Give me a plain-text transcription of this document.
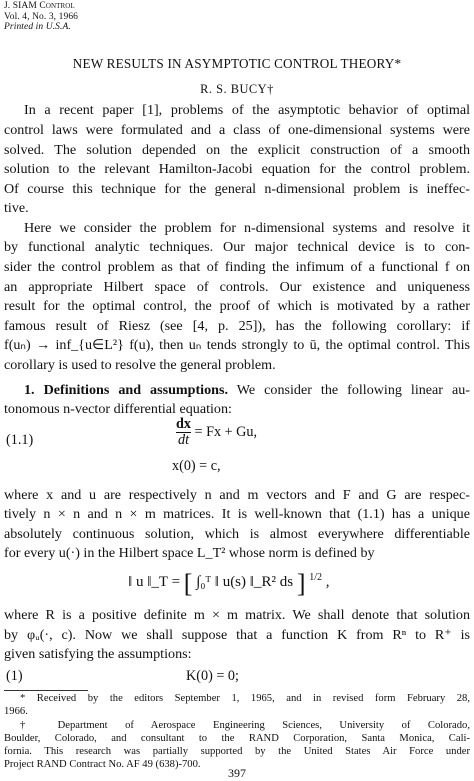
J. SIAM Control
Vol. 4, No. 3, 1966
Printed in U.S.A.
NEW RESULTS IN ASYMPTOTIC CONTROL THEORY*
R. S. BUCY†
In a recent paper [1], problems of the asymptotic behavior of optimal
control laws were formulated and a class of one-dimensional systems were
solved. The solution depended on the explicit construction of a smooth
solution to the relevant Hamilton-Jacobi equation for the control problem.
Of course this technique for the general n-dimensional problem is ineffec-
tive.
Here we consider the problem for n-dimensional systems and resolve it
by functional analytic techniques. Our major technical device is to con-
sider the control problem as that of finding the infimum of a functional f on
an appropriate Hilbert space of controls. Our existence and uniqueness
result for the optimal control, the proof of which is motivated by a rather
famous result of Riesz (see [4, p. 25]), has the following corollary: if
f(uₙ) → inf_{u∈L²} f(u), then uₙ tends strongly to ū, the optimal control. This
corollary is used to resolve the general problem.
1. Definitions and assumptions. We consider the following linear au-
tonomous n-vector differential equation:
(1.1)	$\frac{dx}{dt} = Fx + Gu$,
x(0) = c,
where x and u are respectively n and m vectors and F and G are respec-
tively n × n and n × m matrices. It is well-known that (1.1) has a unique
absolutely continuous solution, which is almost everywhere differentiable
for every u(·) in the Hilbert space L_T² whose norm is defined by
‖ u ‖_T = [ ∫₀ᵀ ‖ u(s) ‖_R² ds ] $^{1/2}$ ,
where R is a positive definite m × m matrix. We shall denote that solution
by φᵤ(·, c). Now we shall suppose that a function K from Rⁿ to R⁺ is
given satisfying the assumptions:
(1)	K(0) = 0;
* Received by the editors September 1, 1965, and in revised form February 28,
1966.
† Department of Aerospace Engineering Sciences, University of Colorado,
Boulder, Colorado, and consultant to the RAND Corporation, Santa Monica, Cali-
fornia. This research was partially supported by the United States Air Force under
Project RAND Contract No. AF 49 (638)-700.
397
